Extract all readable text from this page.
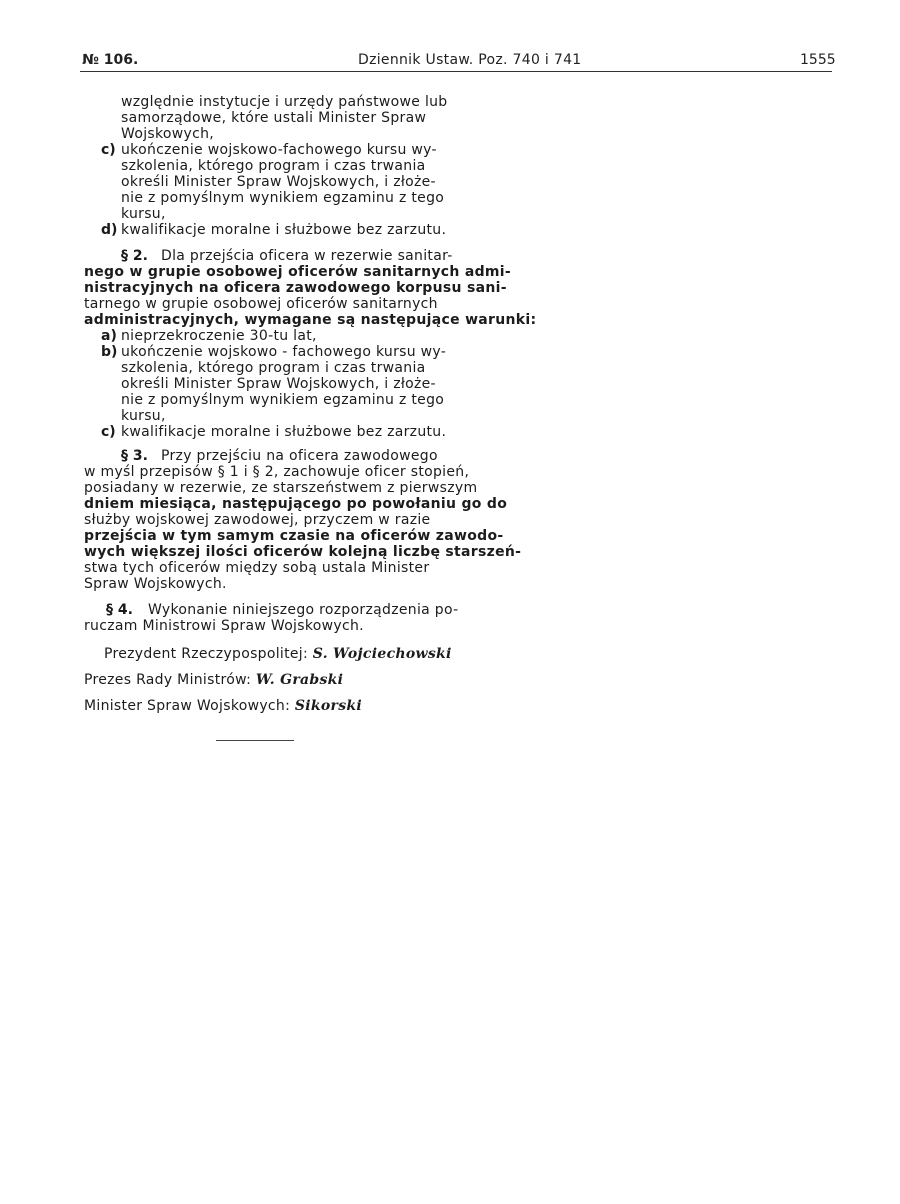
№ 106.	Dziennik Ustaw. Poz. 740 i 741	1555
względnie instytucje i urzędy państwowe lub
samorządowe, które ustali Minister Spraw
Wojskowych,
c) ukończenie wojskowo-fachowego kursu wy-
szkolenia, którego program i czas trwania
określi Minister Spraw Wojskowych, i złoże-
nie z pomyślnym wynikiem egzaminu z tego
kursu,
d) kwalifikacje moralne i służbowe bez zarzutu.
§ 2. Dla przejścia oficera w rezerwie sanitar-
nego w grupie osobowej oficerów sanitarnych admi-
nistracyjnych na oficera zawodowego korpusu sani-
tarnego w grupie osobowej oficerów sanitarnych
administracyjnych, wymagane są następujące warunki:
a) nieprzekroczenie 30-tu lat,
b) ukończenie wojskowo - fachowego kursu wy-
szkolenia, którego program i czas trwania
określi Minister Spraw Wojskowych, i złoże-
nie z pomyślnym wynikiem egzaminu z tego
kursu,
c) kwalifikacje moralne i służbowe bez zarzutu.
§ 3. Przy przejściu na oficera zawodowego
w myśl przepisów § 1 i § 2, zachowuje oficer stopień,
posiadany w rezerwie, ze starszeństwem z pierwszym
dniem miesiąca, następującego po powołaniu go do
służby wojskowej zawodowej, przyczem w razie
przejścia w tym samym czasie na oficerów zawodo-
wych większej ilości oficerów kolejną liczbę starszeń-
stwa tych oficerów między sobą ustala Minister
Spraw Wojskowych.
§ 4. Wykonanie niniejszego rozporządzenia po-
ruczam Ministrowi Spraw Wojskowych.
Prezydent Rzeczypospolitej: S. Wojciechowski
Prezes Rady Ministrów: W. Grabski
Minister Spraw Wojskowych: Sikorski
